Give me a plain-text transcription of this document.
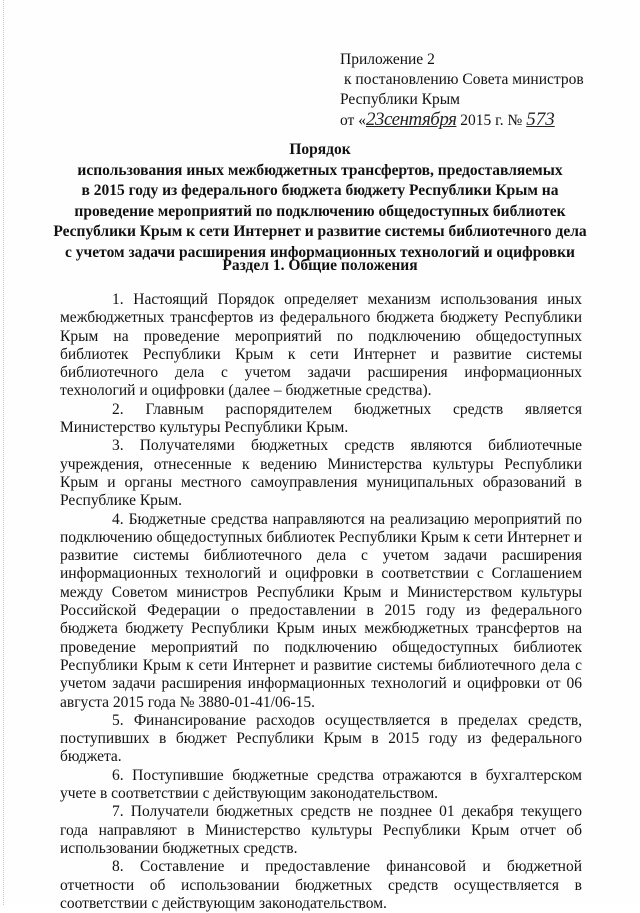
Приложение 2
к постановлению Совета министров
Республики Крым
от «23сентября 2015 г. № 573
Порядок
использования иных межбюджетных трансфертов, предоставляемых
в 2015 году из федерального бюджета бюджету Республики Крым на
проведение мероприятий по подключению общедоступных библиотек
Республики Крым к сети Интернет и развитие системы библиотечного дела
с учетом задачи расширения информационных технологий и оцифровки
Раздел 1. Общие положения

1. Настоящий Порядок определяет механизм использования иных межбюджетных трансфертов из федерального бюджета бюджету Республики Крым на проведение мероприятий по подключению общедоступных библиотек Республики Крым к сети Интернет и развитие системы библиотечного дела с учетом задачи расширения информационных технологий и оцифровки (далее – бюджетные средства).

2. Главным распорядителем бюджетных средств является Министерство культуры Республики Крым.

3. Получателями бюджетных средств являются библиотечные учреждения, отнесенные к ведению Министерства культуры Республики Крым и органы местного самоуправления муниципальных образований в Республике Крым.

4. Бюджетные средства направляются на реализацию мероприятий по подключению общедоступных библиотек Республики Крым к сети Интернет и развитие системы библиотечного дела с учетом задачи расширения информационных технологий и оцифровки в соответствии с Соглашением между Советом министров Республики Крым и Министерством культуры Российской Федерации о предоставлении в 2015 году из федерального бюджета бюджету Республики Крым иных межбюджетных трансфертов на проведение мероприятий по подключению общедоступных библиотек Республики Крым к сети Интернет и развитие системы библиотечного дела с учетом задачи расширения информационных технологий и оцифровки от 06 августа 2015 года № 3880-01-41/06-15.

5. Финансирование расходов осуществляется в пределах средств, поступивших в бюджет Республики Крым в 2015 году из федерального бюджета.

6. Поступившие бюджетные средства отражаются в бухгалтерском учете в соответствии с действующим законодательством.

7. Получатели бюджетных средств не позднее 01 декабря текущего года направляют в Министерство культуры Республики Крым отчет об использовании бюджетных средств.

8. Составление и предоставление финансовой и бюджетной отчетности об использовании бюджетных средств осуществляется в соответствии с действующим законодательством.
